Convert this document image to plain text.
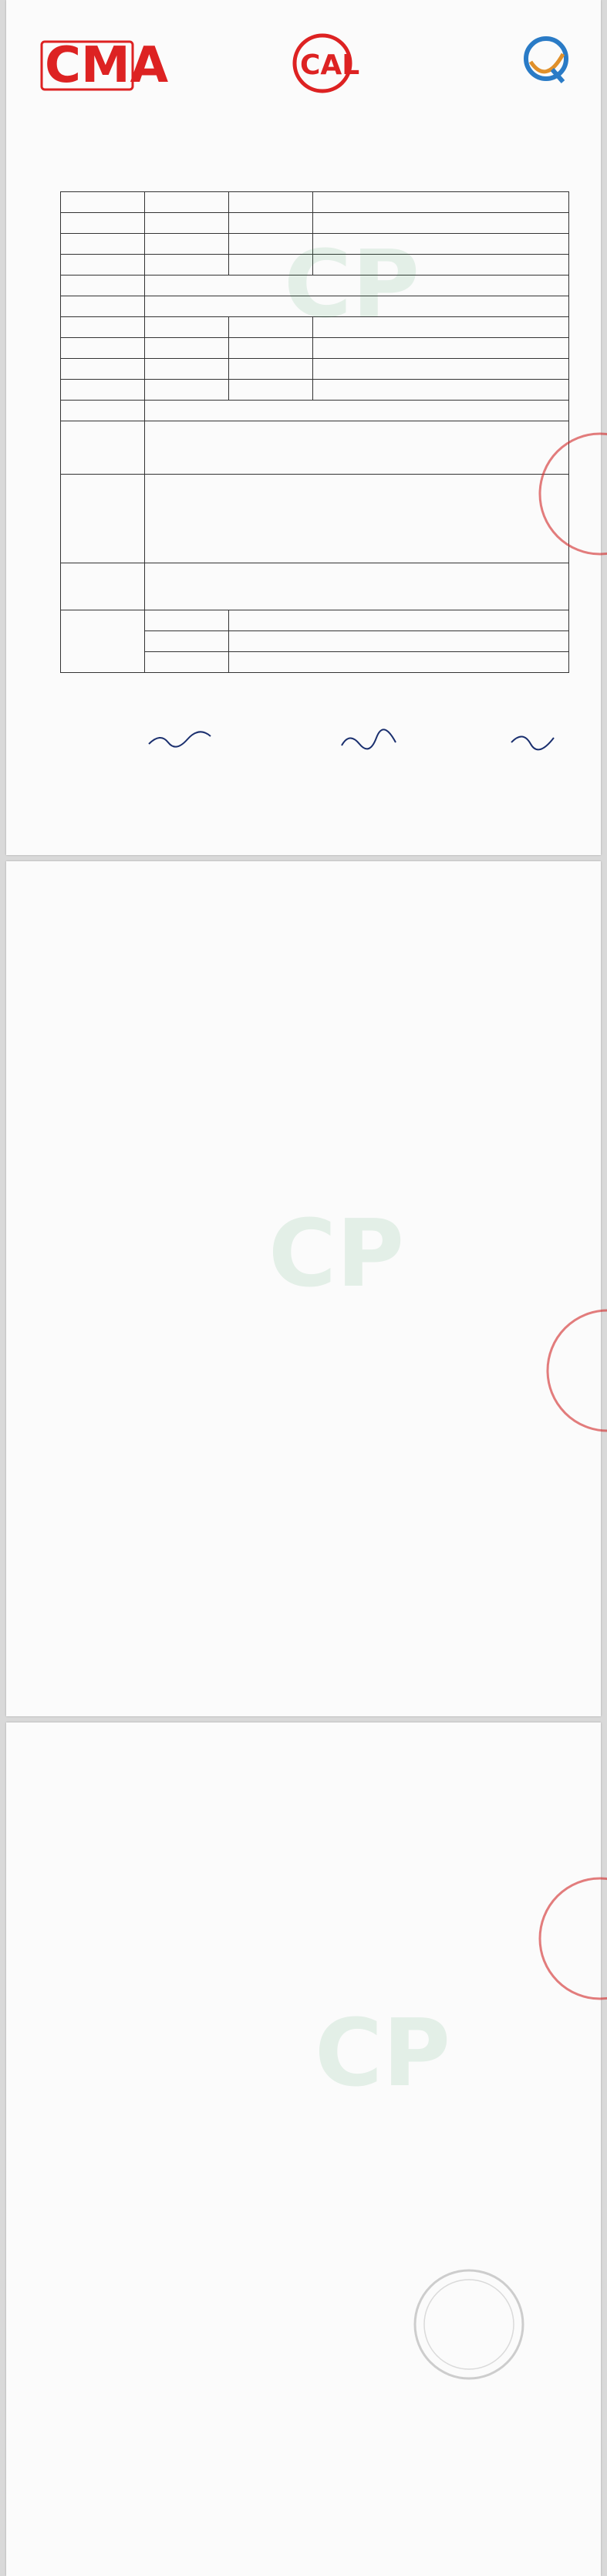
CMA	CAL

CP
CP
CP
